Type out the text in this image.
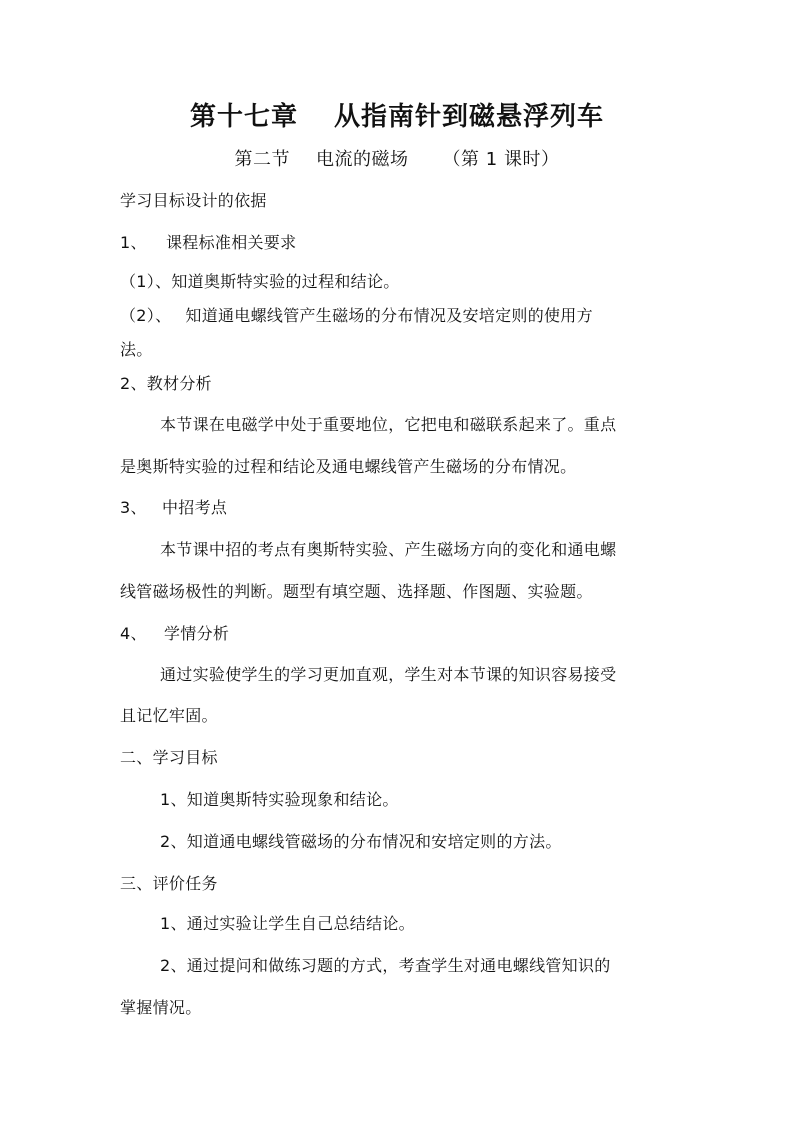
第十七章 从指南针到磁悬浮列车
第二节 电流的磁场 （第 1 课时）
学习目标设计的依据
1、 课程标准相关要求
（1）、知道奥斯特实验的过程和结论。
（2）、 知道通电螺线管产生磁场的分布情况及安培定则的使用方
法。
2、教材分析
本节课在电磁学中处于重要地位，它把电和磁联系起来了。重点
是奥斯特实验的过程和结论及通电螺线管产生磁场的分布情况。
3、 中招考点
本节课中招的考点有奥斯特实验、产生磁场方向的变化和通电螺
线管磁场极性的判断。题型有填空题、选择题、作图题、实验题。
4、 学情分析
通过实验使学生的学习更加直观，学生对本节课的知识容易接受
且记忆牢固。
二、学习目标
1、知道奥斯特实验现象和结论。
2、知道通电螺线管磁场的分布情况和安培定则的方法。
三、评价任务
1、通过实验让学生自己总结结论。
2、通过提问和做练习题的方式，考查学生对通电螺线管知识的
掌握情况。
